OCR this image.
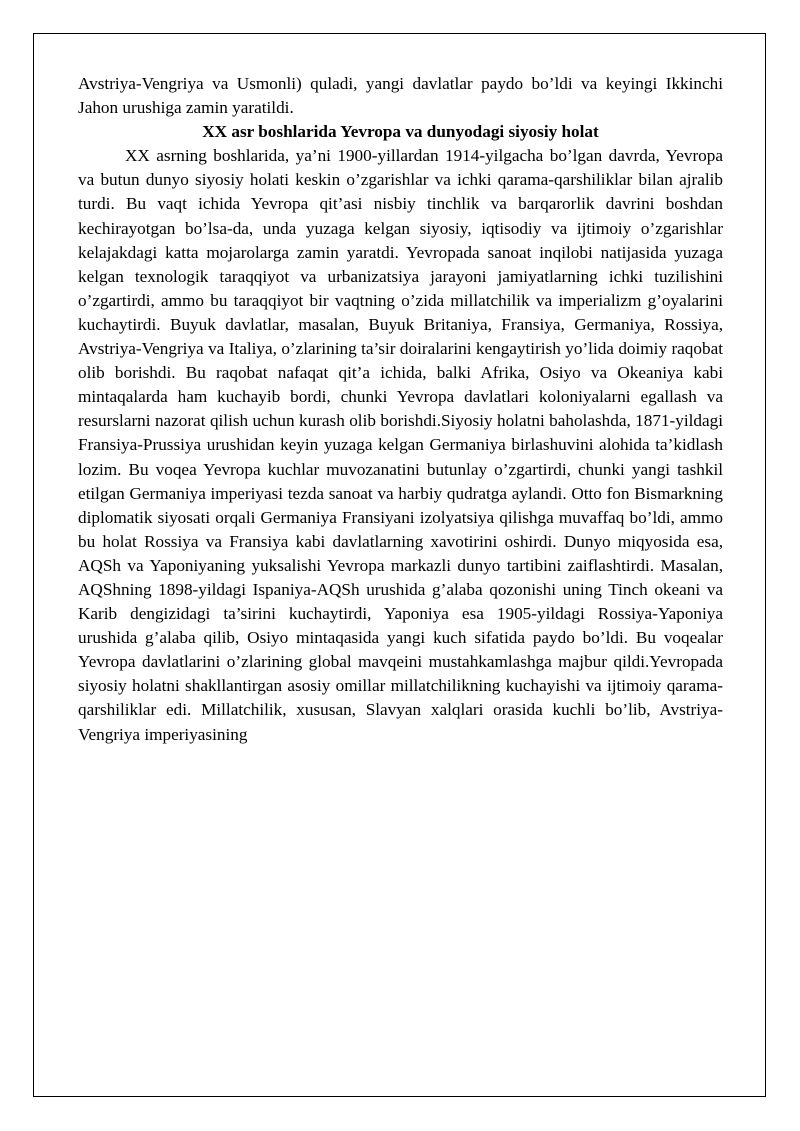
Avstriya-Vengriya va Usmonli) quladi, yangi davlatlar paydo bo’ldi va keyingi Ikkinchi Jahon urushiga zamin yaratildi.

XX asr boshlarida Yevropa va dunyodagi siyosiy holat

XX asrning boshlarida, ya’ni 1900-yillardan 1914-yilgacha bo’lgan davrda, Yevropa va butun dunyo siyosiy holati keskin o’zgarishlar va ichki qarama-qarshiliklar bilan ajralib turdi. Bu vaqt ichida Yevropa qit’asi nisbiy tinchlik va barqarorlik davrini boshdan kechirayotgan bo’lsa-da, unda yuzaga kelgan siyosiy, iqtisodiy va ijtimoiy o’zgarishlar kelajakdagi katta mojarolarga zamin yaratdi. Yevropada sanoat inqilobi natijasida yuzaga kelgan texnologik taraqqiyot va urbanizatsiya jarayoni jamiyatlarning ichki tuzilishini o’zgartirdi, ammo bu taraqqiyot bir vaqtning o’zida millatchilik va imperializm g’oyalarini kuchaytirdi. Buyuk davlatlar, masalan, Buyuk Britaniya, Fransiya, Germaniya, Rossiya, Avstriya-Vengriya va Italiya, o’zlarining ta’sir doiralarini kengaytirish yo’lida doimiy raqobat olib borishdi. Bu raqobat nafaqat qit’a ichida, balki Afrika, Osiyo va Okeaniya kabi mintaqalarda ham kuchayib bordi, chunki Yevropa davlatlari koloniyalarni egallash va resurslarni nazorat qilish uchun kurash olib borishdi.Siyosiy holatni baholashda, 1871-yildagi Fransiya-Prussiya urushidan keyin yuzaga kelgan Germaniya birlashuvini alohida ta’kidlash lozim. Bu voqea Yevropa kuchlar muvozanatini butunlay o’zgartirdi, chunki yangi tashkil etilgan Germaniya imperiyasi tezda sanoat va harbiy qudratga aylandi. Otto fon Bismarkning diplomatik siyosati orqali Germaniya Fransiyani izolyatsiya qilishga muvaffaq bo’ldi, ammo bu holat Rossiya va Fransiya kabi davlatlarning xavotirini oshirdi. Dunyo miqyosida esa, AQSh va Yaponiyaning yuksalishi Yevropa markazli dunyo tartibini zaiflashtirdi. Masalan, AQShning 1898-yildagi Ispaniya-AQSh urushida g’alaba qozonishi uning Tinch okeani va Karib dengizidagi ta’sirini kuchaytirdi, Yaponiya esa 1905-yildagi Rossiya-Yaponiya urushida g’alaba qilib, Osiyo mintaqasida yangi kuch sifatida paydo bo’ldi. Bu voqealar Yevropa davlatlarini o’zlarining global mavqeini mustahkamlashga majbur qildi.Yevropada siyosiy holatni shakllantirgan asosiy omillar millatchilikning kuchayishi va ijtimoiy qarama-qarshiliklar edi. Millatchilik, xususan, Slavyan xalqlari orasida kuchli bo’lib, Avstriya-Vengriya imperiyasining
